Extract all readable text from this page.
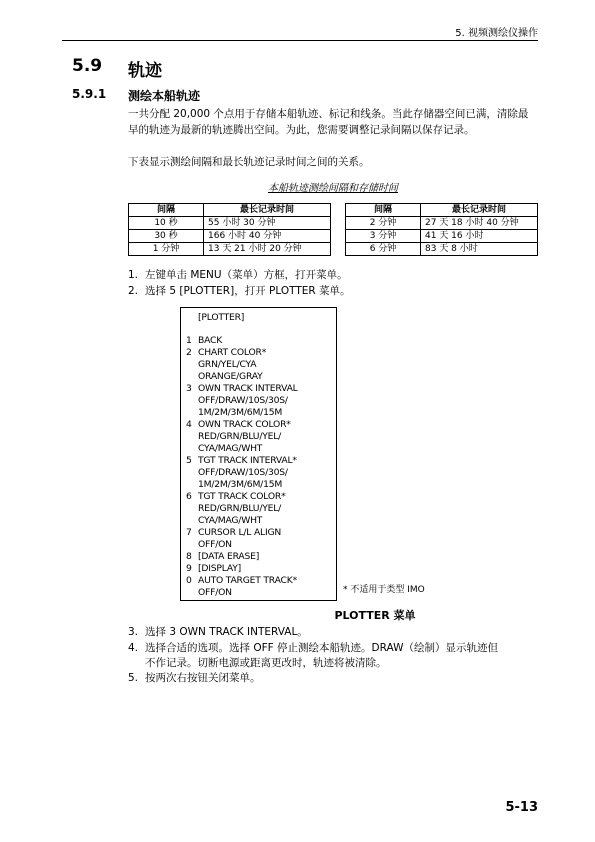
5. 视频测绘仪操作
5.9 轨迹
5.9.1 测绘本船轨迹
一共分配 20,000 个点用于存储本船轨迹、标记和线条。当此存储器空间已满，清除最早的轨迹为最新的轨迹腾出空间。为此，您需要调整记录间隔以保存记录。
下表显示测绘间隔和最长轨迹记录时间之间的关系。
本船轨迹测绘间隔和存储时间
间隔	最长记录时间		间隔	最长记录时间
10 秒	55 小时 30 分钟		2 分钟	27 天 18 小时 40 分钟
30 秒	166 小时 40 分钟		3 分钟	41 天 16 小时
1 分钟	13 天 21 小时 20 分钟		6 分钟	83 天 8 小时
1. 左键单击 MENU（菜单）方框，打开菜单。
2. 选择 5 [PLOTTER]，打开 PLOTTER 菜单。
[PLOTTER]
1 BACK
2 CHART COLOR*
GRN/YEL/CYA
ORANGE/GRAY
3 OWN TRACK INTERVAL
OFF/DRAW/10S/30S/
1M/2M/3M/6M/15M
4 OWN TRACK COLOR*
RED/GRN/BLU/YEL/
CYA/MAG/WHT
5 TGT TRACK INTERVAL*
OFF/DRAW/10S/30S/
1M/2M/3M/6M/15M
6 TGT TRACK COLOR*
RED/GRN/BLU/YEL/
CYA/MAG/WHT
7 CURSOR L/L ALIGN
OFF/ON
8 [DATA ERASE]
9 [DISPLAY]
0 AUTO TARGET TRACK*
OFF/ON	* 不适用于类型 IMO
PLOTTER 菜单
3. 选择 3 OWN TRACK INTERVAL。
4. 选择合适的选项。选择 OFF 停止测绘本船轨迹。DRAW（绘制）显示轨迹但
不作记录。切断电源或距离更改时，轨迹将被清除。
5. 按两次右按钮关闭菜单。
5-13
